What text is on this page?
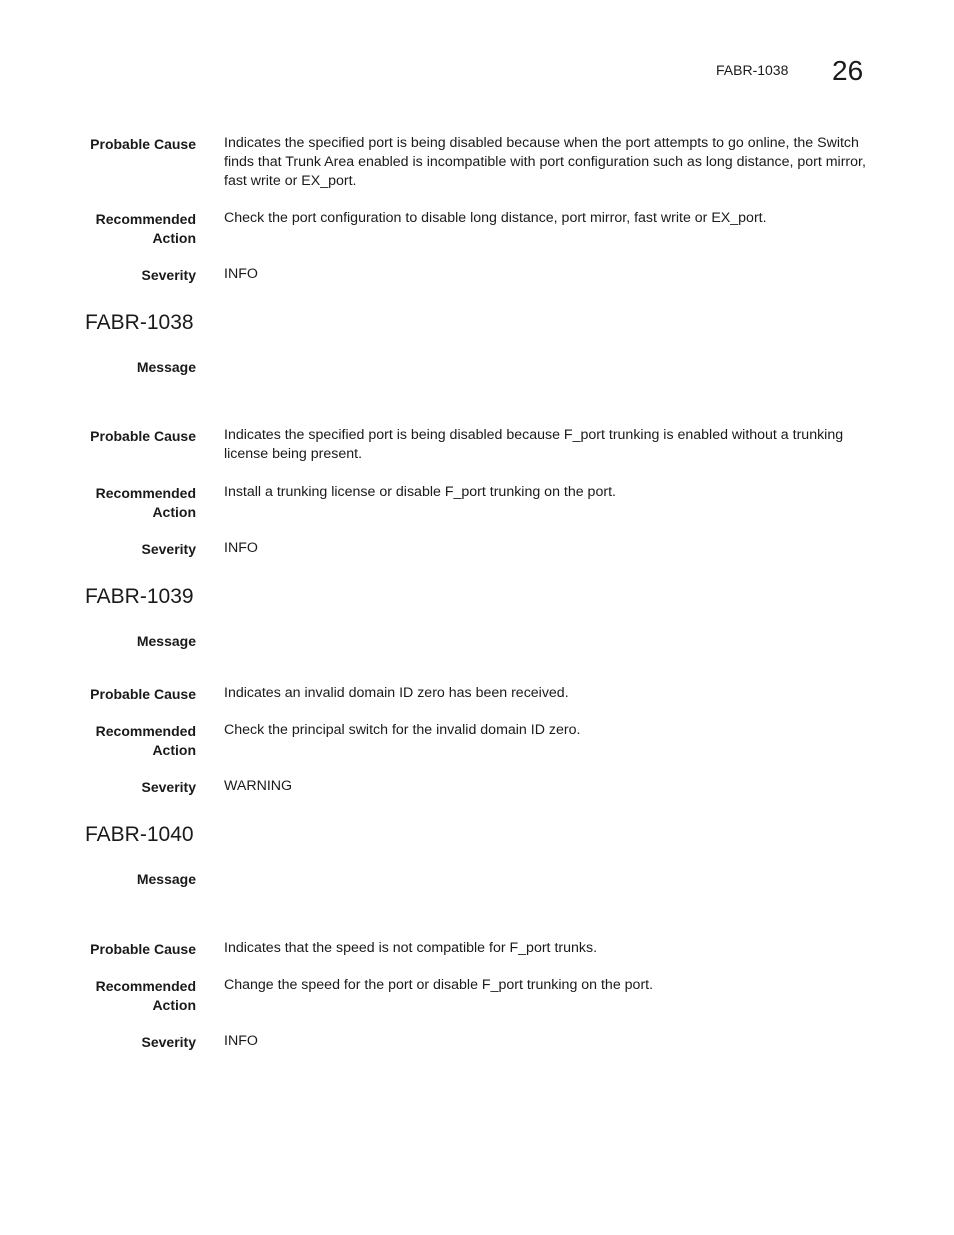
FABR-1038 26
Probable Cause Indicates the specified port is being disabled because when the port attempts to go online, the Switch finds that Trunk Area enabled is incompatible with port configuration such as long distance, port mirror, fast write or EX_port.
Recommended
Action
Check the port configuration to disable long distance, port mirror, fast write or EX_port.
Severity INFO
FABR-1038
Message
Probable Cause Indicates the specified port is being disabled because F_port trunking is enabled without a trunking license being present.
Recommended
Action
Install a trunking license or disable F_port trunking on the port.
Severity INFO
FABR-1039
Message
Probable Cause Indicates an invalid domain ID zero has been received.
Recommended
Action
Check the principal switch for the invalid domain ID zero.
Severity WARNING
FABR-1040
Message
Probable Cause Indicates that the speed is not compatible for F_port trunks.
Recommended
Action
Change the speed for the port or disable F_port trunking on the port.
Severity INFO
